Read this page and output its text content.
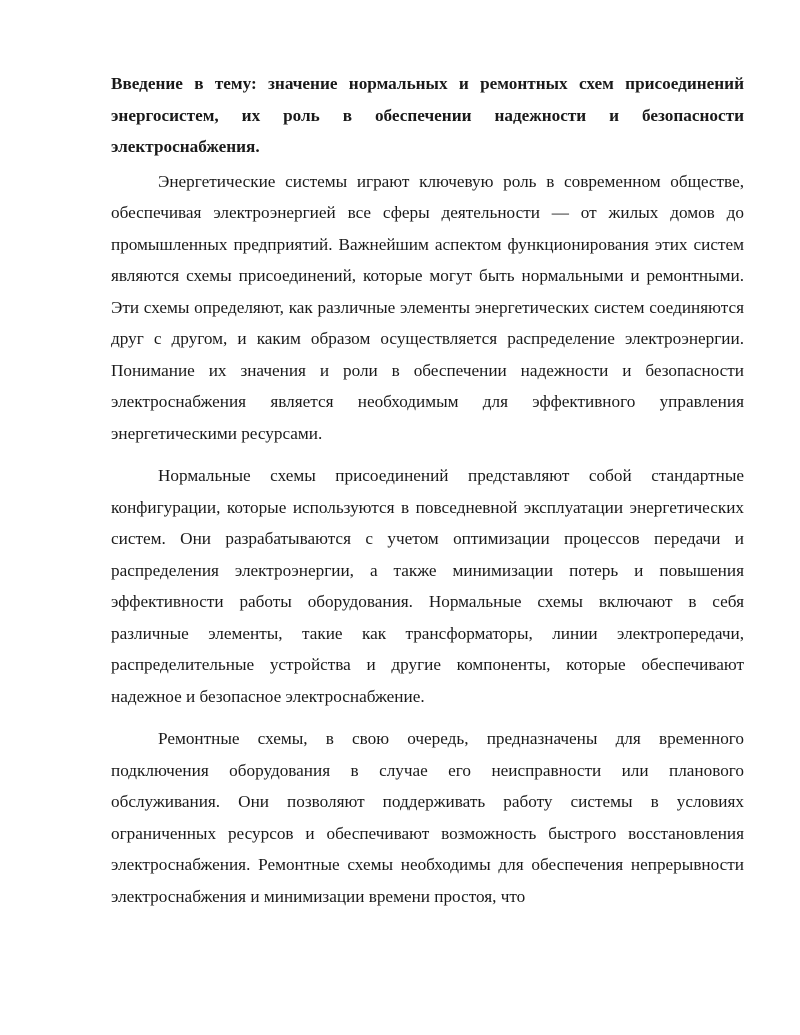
Введение в тему: значение нормальных и ремонтных схем присоединений энергосистем, их роль в обеспечении надежности и безопасности электроснабжения.

Энергетические системы играют ключевую роль в современном обществе, обеспечивая электроэнергией все сферы деятельности — от жилых домов до промышленных предприятий. Важнейшим аспектом функционирования этих систем являются схемы присоединений, которые могут быть нормальными и ремонтными. Эти схемы определяют, как различные элементы энергетических систем соединяются друг с другом, и каким образом осуществляется распределение электроэнергии. Понимание их значения и роли в обеспечении надежности и безопасности электроснабжения является необходимым для эффективного управления энергетическими ресурсами.

Нормальные схемы присоединений представляют собой стандартные конфигурации, которые используются в повседневной эксплуатации энергетических систем. Они разрабатываются с учетом оптимизации процессов передачи и распределения электроэнергии, а также минимизации потерь и повышения эффективности работы оборудования. Нормальные схемы включают в себя различные элементы, такие как трансформаторы, линии электропередачи, распределительные устройства и другие компоненты, которые обеспечивают надежное и безопасное электроснабжение.

Ремонтные схемы, в свою очередь, предназначены для временного подключения оборудования в случае его неисправности или планового обслуживания. Они позволяют поддерживать работу системы в условиях ограниченных ресурсов и обеспечивают возможность быстрого восстановления электроснабжения. Ремонтные схемы необходимы для обеспечения непрерывности электроснабжения и минимизации времени простоя, что
